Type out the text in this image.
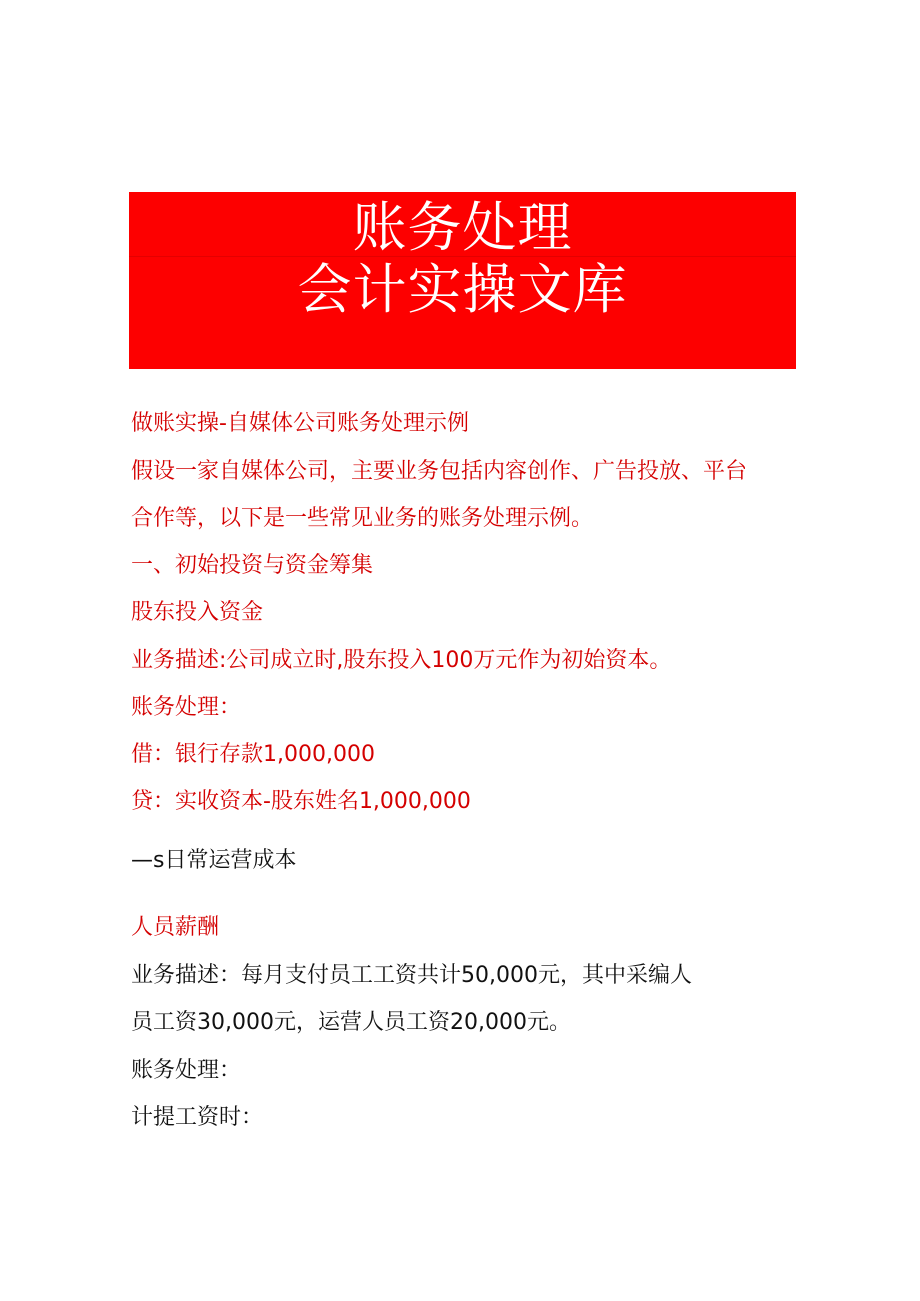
账务处理
会计实操文库

做账实操-自媒体公司账务处理示例

假设一家自媒体公司，主要业务包括内容创作、广告投放、平台

合作等，以下是一些常见业务的账务处理示例。

一、初始投资与资金筹集

股东投入资金

业务描述:公司成立时,股东投入100万元作为初始资本。

账务处理：

借：银行存款1,000,000

贷：实收资本-股东姓名1,000,000

—s日常运营成本

人员薪酬

业务描述：每月支付员工工资共计50,000元，其中采编人

员工资30,000元，运营人员工资20,000元。

账务处理：

计提工资时：
